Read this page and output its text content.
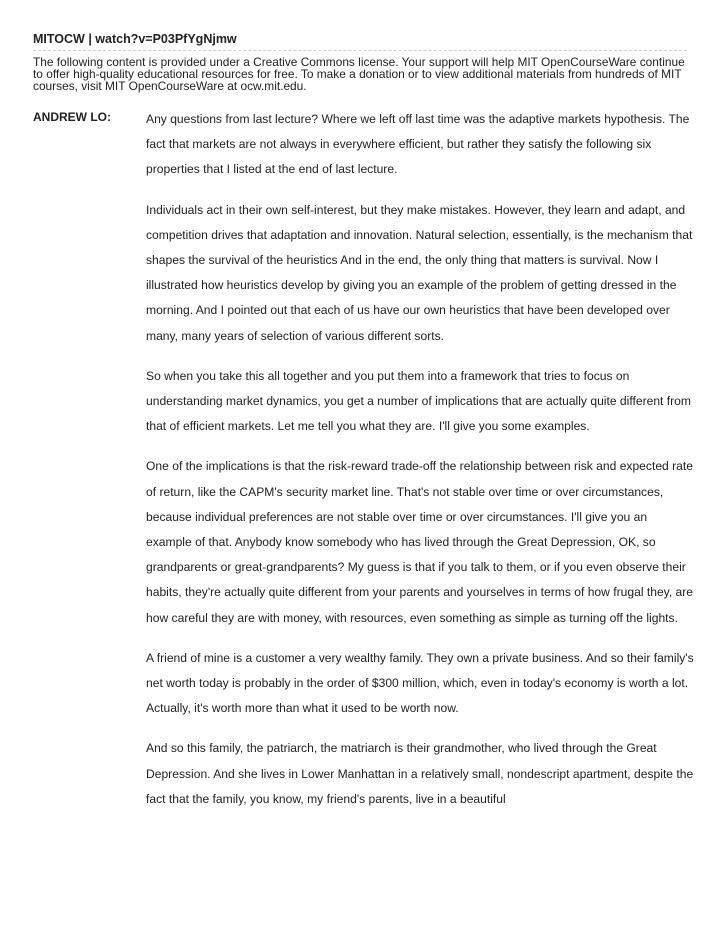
MITOCW | watch?v=P03PfYgNjmw
The following content is provided under a Creative Commons license. Your support will help MIT OpenCourseWare continue to offer high-quality educational resources for free. To make a donation or to view additional materials from hundreds of MIT courses, visit MIT OpenCourseWare at ocw.mit.edu.
ANDREW LO:	Any questions from last lecture? Where we left off last time was the adaptive markets hypothesis. The fact that markets are not always in everywhere efficient, but rather they satisfy the following six properties that I listed at the end of last lecture.

Individuals act in their own self-interest, but they make mistakes. However, they learn and adapt, and competition drives that adaptation and innovation. Natural selection, essentially, is the mechanism that shapes the survival of the heuristics And in the end, the only thing that matters is survival. Now I illustrated how heuristics develop by giving you an example of the problem of getting dressed in the morning. And I pointed out that each of us have our own heuristics that have been developed over many, many years of selection of various different sorts.

So when you take this all together and you put them into a framework that tries to focus on understanding market dynamics, you get a number of implications that are actually quite different from that of efficient markets. Let me tell you what they are. I'll give you some examples.

One of the implications is that the risk-reward trade-off the relationship between risk and expected rate of return, like the CAPM's security market line. That's not stable over time or over circumstances, because individual preferences are not stable over time or over circumstances. I'll give you an example of that. Anybody know somebody who has lived through the Great Depression, OK, so grandparents or great-grandparents? My guess is that if you talk to them, or if you even observe their habits, they're actually quite different from your parents and yourselves in terms of how frugal they, are how careful they are with money, with resources, even something as simple as turning off the lights.

A friend of mine is a customer a very wealthy family. They own a private business. And so their family's net worth today is probably in the order of $300 million, which, even in today's economy is worth a lot. Actually, it's worth more than what it used to be worth now.

And so this family, the patriarch, the matriarch is their grandmother, who lived through the Great Depression. And she lives in Lower Manhattan in a relatively small, nondescript apartment, despite the fact that the family, you know, my friend's parents, live in a beautiful
